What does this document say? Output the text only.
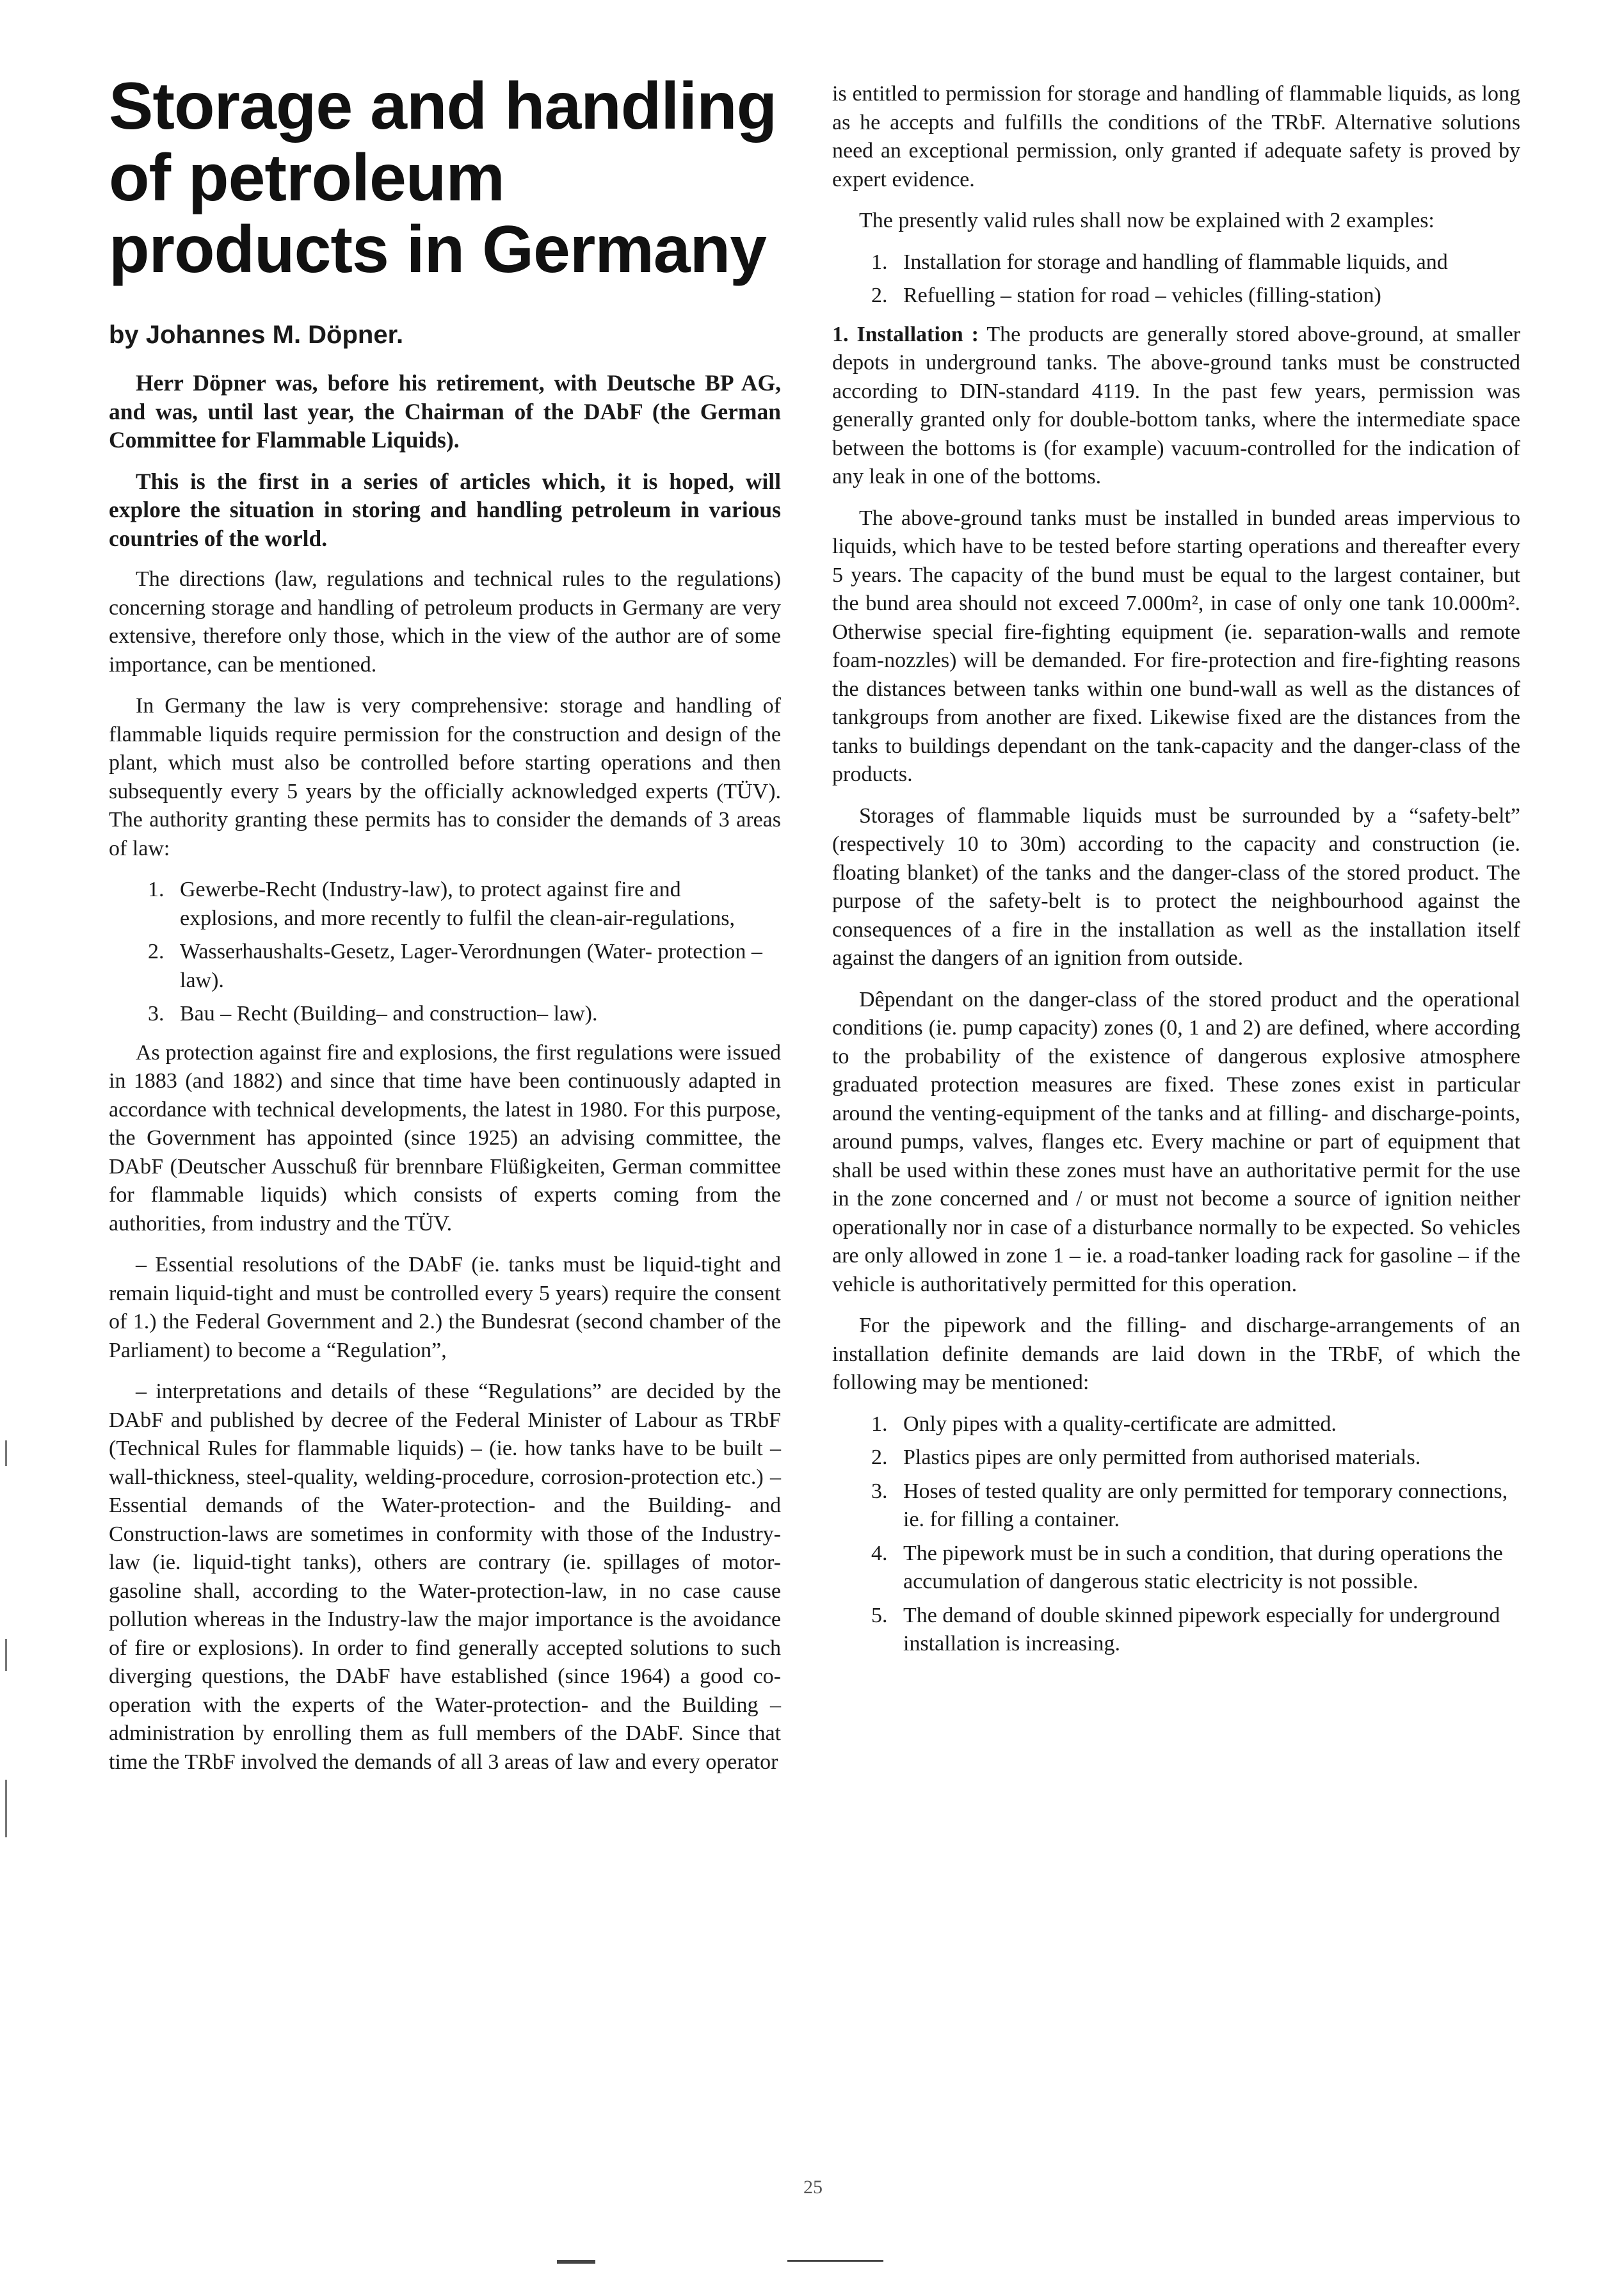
Storage and handling of petroleum products in Germany
by Johannes M. Döpner.

Herr Döpner was, before his retirement, with Deutsche BP AG, and was, until last year, the Chairman of the DAbF (the German Committee for Flammable Liquids).

This is the first in a series of articles which, it is hoped, will explore the situation in storing and handling petroleum in various countries of the world.

The directions (law, regulations and technical rules to the regulations) concerning storage and handling of petroleum products in Germany are very extensive, therefore only those, which in the view of the author are of some importance, can be mentioned.

In Germany the law is very comprehensive: storage and handling of flammable liquids require permission for the construction and design of the plant, which must also be controlled before starting operations and then subsequently every 5 years by the officially acknowledged experts (TÜV). The authority granting these permits has to consider the demands of 3 areas of law:

1. Gewerbe-Recht (Industry-law), to protect against fire and explosions, and more recently to fulfil the clean-air-regulations,
2. Wasserhaushalts-Gesetz, Lager-Verordnungen (Water- protection – law).
3. Bau – Recht (Building– and construction– law).

As protection against fire and explosions, the first regulations were issued in 1883 (and 1882) and since that time have been continuously adapted in accordance with technical developments, the latest in 1980. For this purpose, the Government has appointed (since 1925) an advising committee, the DAbF (Deutscher Ausschuß für brennbare Flüßigkeiten, German committee for flammable liquids) which consists of experts coming from the authorities, from industry and the TÜV.

– Essential resolutions of the DAbF (ie. tanks must be liquid-tight and remain liquid-tight and must be controlled every 5 years) require the consent of 1.) the Federal Government and 2.) the Bundesrat (second chamber of the Parliament) to become a “Regulation”,

– interpretations and details of these “Regulations” are decided by the DAbF and published by decree of the Federal Minister of Labour as TRbF (Technical Rules for flammable liquids) – (ie. how tanks have to be built – wall-thickness, steel-quality, welding-procedure, corrosion-protection etc.) – Essential demands of the Water-protection- and the Building- and Construction-laws are sometimes in conformity with those of the Industry-law (ie. liquid-tight tanks), others are contrary (ie. spillages of motor-gasoline shall, according to the Water-protection-law, in no case cause pollution whereas in the Industry-law the major importance is the avoidance of fire or explosions). In order to find generally accepted solutions to such diverging questions, the DAbF have established (since 1964) a good co-operation with the experts of the Water-protection- and the Building – administration by enrolling them as full members of the DAbF. Since that time the TRbF involved the demands of all 3 areas of law and every operator

is entitled to permission for storage and handling of flammable liquids, as long as he accepts and fulfills the conditions of the TRbF. Alternative solutions need an exceptional permission, only granted if adequate safety is proved by expert evidence.

The presently valid rules shall now be explained with 2 examples:

1. Installation for storage and handling of flammable liquids, and
2. Refuelling – station for road – vehicles (filling-station)

1. Installation : The products are generally stored above-ground, at smaller depots in underground tanks. The above-ground tanks must be constructed according to DIN-standard 4119. In the past few years, permission was generally granted only for double-bottom tanks, where the intermediate space between the bottoms is (for example) vacuum-controlled for the indication of any leak in one of the bottoms.

The above-ground tanks must be installed in bunded areas impervious to liquids, which have to be tested before starting operations and thereafter every 5 years. The capacity of the bund must be equal to the largest container, but the bund area should not exceed 7.000m², in case of only one tank 10.000m². Otherwise special fire-fighting equipment (ie. separation-walls and remote foam-nozzles) will be demanded. For fire-protection and fire-fighting reasons the distances between tanks within one bund-wall as well as the distances of tankgroups from another are fixed. Likewise fixed are the distances from the tanks to buildings dependant on the tank-capacity and the danger-class of the products.

Storages of flammable liquids must be surrounded by a “safety-belt” (respectively 10 to 30m) according to the capacity and construction (ie. floating blanket) of the tanks and the danger-class of the stored product. The purpose of the safety-belt is to protect the neighbourhood against the consequences of a fire in the installation as well as the installation itself against the dangers of an ignition from outside.

Dêpendant on the danger-class of the stored product and the operational conditions (ie. pump capacity) zones (0, 1 and 2) are defined, where according to the probability of the existence of dangerous explosive atmosphere graduated protection measures are fixed. These zones exist in particular around the venting-equipment of the tanks and at filling- and discharge-points, around pumps, valves, flanges etc. Every machine or part of equipment that shall be used within these zones must have an authoritative permit for the use in the zone concerned and / or must not become a source of ignition neither operationally nor in case of a disturbance normally to be expected. So vehicles are only allowed in zone 1 – ie. a road-tanker loading rack for gasoline – if the vehicle is authoritatively permitted for this operation.

For the pipework and the filling- and discharge-arrangements of an installation definite demands are laid down in the TRbF, of which the following may be mentioned:

1. Only pipes with a quality-certificate are admitted.
2. Plastics pipes are only permitted from authorised materials.
3. Hoses of tested quality are only permitted for temporary connections, ie. for filling a container.
4. The pipework must be in such a condition, that during operations the accumulation of dangerous static electricity is not possible.
5. The demand of double skinned pipework especially for underground installation is increasing.
25
